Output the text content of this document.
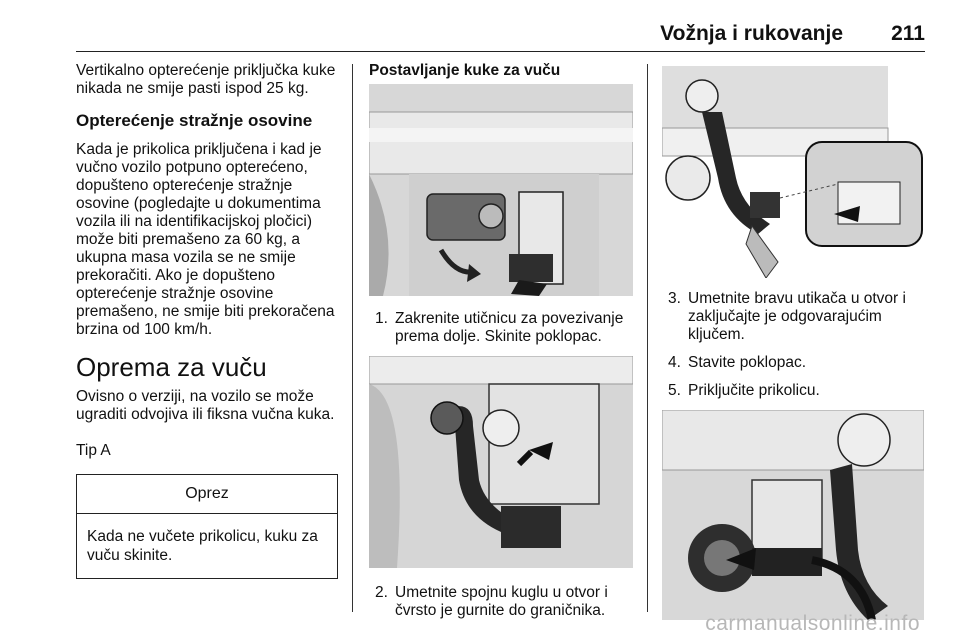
Vožnja i rukovanje 211

Vertikalno opterećenje priključka kuke nikada ne smije pasti ispod 25 kg.

Opterećenje stražnje osovine

Kada je prikolica priključena i kad je vučno vozilo potpuno opterećeno, dopušteno opterećenje stražnje osovine (pogledajte u dokumentima vozila ili na identifikacijskoj pločici) može biti premašeno za 60 kg, a ukupna masa vozila se ne smije prekoračiti. Ako je dopušteno opterećenje stražnje osovine premašeno, ne smije biti prekoračena brzina od 100 km/h.

Oprema za vuču

Ovisno o verziji, na vozilo se može ugraditi odvojiva ili fiksna vučna kuka.

Tip A
Oprez
Kada ne vučete prikolicu, kuku za vuču skinite.
Postavljanje kuke za vuču
1. Zakrenite utičnicu za povezivanje prema dolje. Skinite poklopac.
2. Umetnite spojnu kuglu u otvor i čvrsto je gurnite do graničnika.
3. Umetnite bravu utikača u otvor i zaključajte je odgovarajućim ključem.
4. Stavite poklopac.
5. Priključite prikolicu.
carmanualsonline.info
